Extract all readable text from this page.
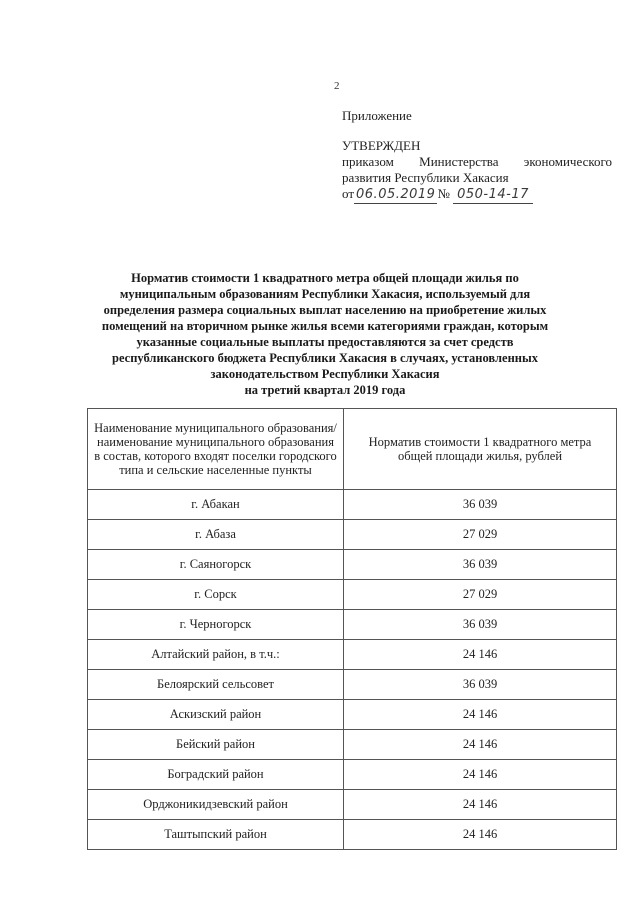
2
Приложение
УТВЕРЖДЕН
приказом Министерства экономического развития Республики Хакасия
от 06.05.2019 № 050-14-17
Норматив стоимости 1 квадратного метра общей площади жилья по
муниципальным образованиям Республики Хакасия, используемый для
определения размера социальных выплат населению на приобретение жилых
помещений на вторичном рынке жилья всеми категориями граждан, которым
указанные социальные выплаты предоставляются за счет средств
республиканского бюджета Республики Хакасия в случаях, установленных
законодательством Республики Хакасия
на третий квартал 2019 года
Наименование муниципального образования/ наименование муниципального образования в состав, которого входят поселки городского типа и сельские населенные пункты	Норматив стоимости 1 квадратного метра общей площади жилья, рублей
г. Абакан	36 039
г. Абаза	27 029
г. Саяногорск	36 039
г. Сорск	27 029
г. Черногорск	36 039
Алтайский район, в т.ч.:	24 146
Белоярский сельсовет	36 039
Аскизский район	24 146
Бейский район	24 146
Боградский район	24 146
Орджоникидзевский район	24 146
Таштыпский район	24 146
